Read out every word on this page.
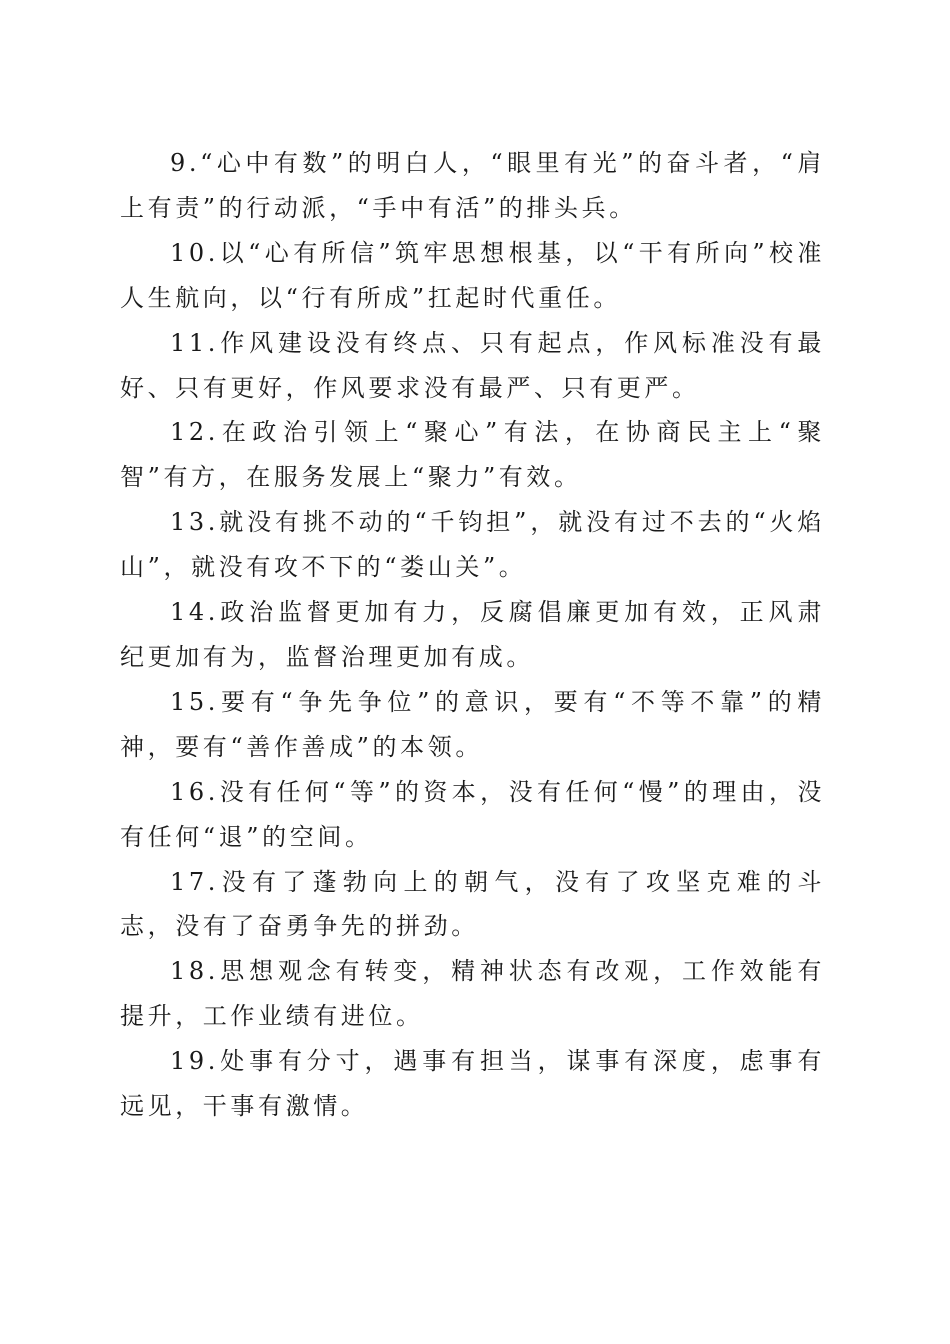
9.“心中有数”的明白人，“眼里有光”的奋斗者，“肩上有责”的行动派，“手中有活”的排头兵。

10.以“心有所信”筑牢思想根基，以“干有所向”校准人生航向，以“行有所成”扛起时代重任。

11.作风建设没有终点、只有起点，作风标准没有最好、只有更好，作风要求没有最严、只有更严。

12.在政治引领上“聚心”有法，在协商民主上“聚智”有方，在服务发展上“聚力”有效。

13.就没有挑不动的“千钧担”，就没有过不去的“火焰山”，就没有攻不下的“娄山关”。

14.政治监督更加有力，反腐倡廉更加有效，正风肃纪更加有为，监督治理更加有成。

15.要有“争先争位”的意识，要有“不等不靠”的精神，要有“善作善成”的本领。

16.没有任何“等”的资本，没有任何“慢”的理由，没有任何“退”的空间。

17.没有了蓬勃向上的朝气，没有了攻坚克难的斗志，没有了奋勇争先的拼劲。

18.思想观念有转变，精神状态有改观，工作效能有提升，工作业绩有进位。

19.处事有分寸，遇事有担当，谋事有深度，虑事有远见，干事有激情。
